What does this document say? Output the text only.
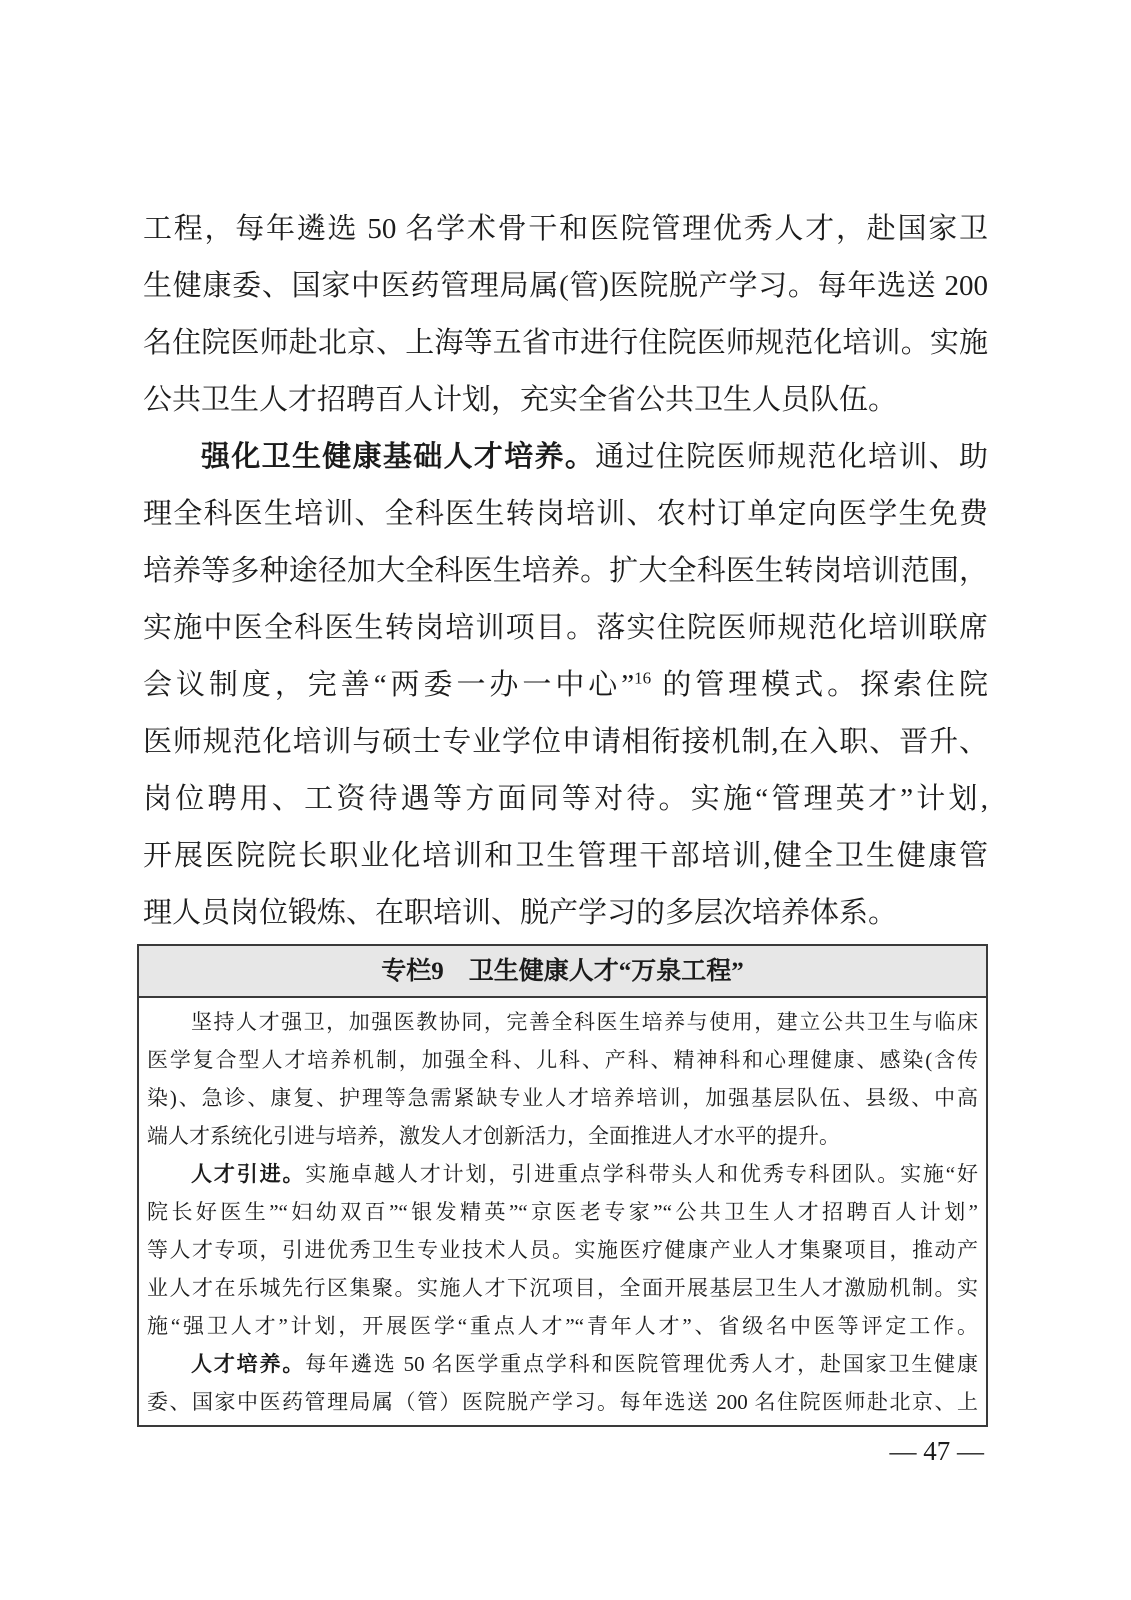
工程，每年遴选 50 名学术骨干和医院管理优秀人才，赴国家卫
生健康委、国家中医药管理局属(管)医院脱产学习。每年选送 200
名住院医师赴北京、上海等五省市进行住院医师规范化培训。实施
公共卫生人才招聘百人计划，充实全省公共卫生人员队伍。
强化卫生健康基础人才培养。通过住院医师规范化培训、助
理全科医生培训、全科医生转岗培训、农村订单定向医学生免费
培养等多种途径加大全科医生培养。扩大全科医生转岗培训范围，
实施中医全科医生转岗培训项目。落实住院医师规范化培训联席
会议制度，完善“两委一办一中心”$^{16}$ 的管理模式。探索住院
医师规范化培训与硕士专业学位申请相衔接机制,在入职、晋升、
岗位聘用、工资待遇等方面同等对待。实施“管理英才”计划,
开展医院院长职业化培训和卫生管理干部培训,健全卫生健康管
理人员岗位锻炼、在职培训、脱产学习的多层次培养体系。
专栏9　卫生健康人才“万泉工程”
坚持人才强卫，加强医教协同，完善全科医生培养与使用，建立公共卫生与临床
医学复合型人才培养机制，加强全科、儿科、产科、精神科和心理健康、感染(含传
染)、急诊、康复、护理等急需紧缺专业人才培养培训，加强基层队伍、县级、中高
端人才系统化引进与培养，激发人才创新活力，全面推进人才水平的提升。
人才引进。实施卓越人才计划，引进重点学科带头人和优秀专科团队。实施“好
院长好医生”“妇幼双百”“银发精英”“京医老专家”“公共卫生人才招聘百人计划”
等人才专项，引进优秀卫生专业技术人员。实施医疗健康产业人才集聚项目，推动产
业人才在乐城先行区集聚。实施人才下沉项目，全面开展基层卫生人才激励机制。实
施“强卫人才”计划，开展医学“重点人才”“青年人才”、省级名中医等评定工作。
人才培养。每年遴选 50 名医学重点学科和医院管理优秀人才，赴国家卫生健康
委、国家中医药管理局属（管）医院脱产学习。每年选送 200 名住院医师赴北京、上
— 47 —
